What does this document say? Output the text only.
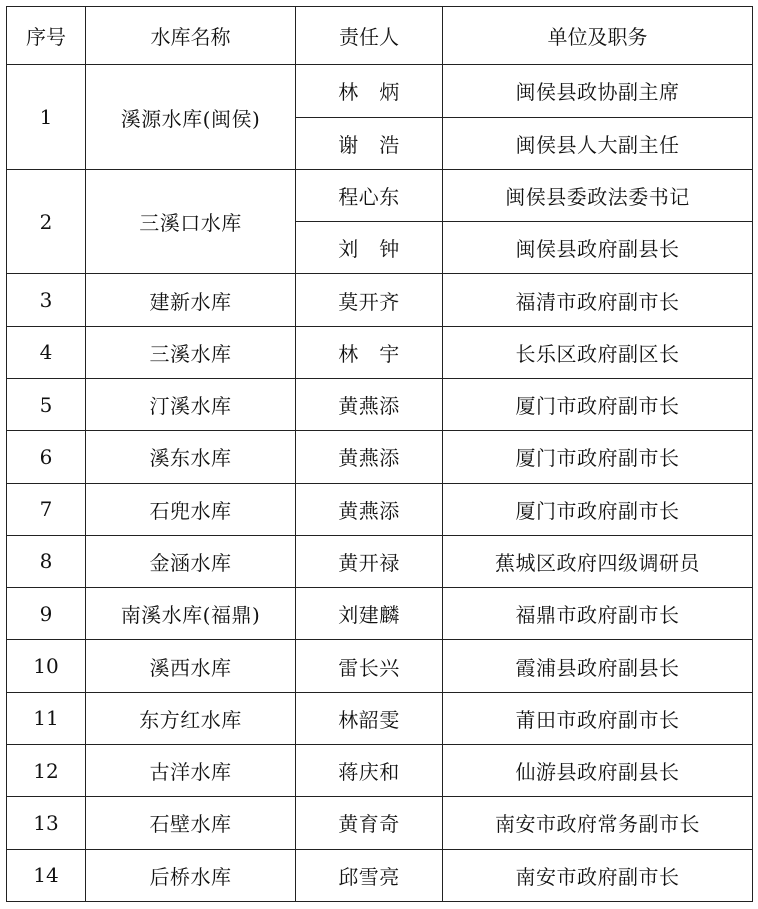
序号	水库名称	责任人	单位及职务
1	溪源水库(闽侯)	林　炳	闽侯县政协副主席
		谢　浩	闽侯县人大副主任
2	三溪口水库	程心东	闽侯县委政法委书记
		刘　钟	闽侯县政府副县长
3	建新水库	莫开齐	福清市政府副市长
4	三溪水库	林　宇	长乐区政府副区长
5	汀溪水库	黄燕添	厦门市政府副市长
6	溪东水库	黄燕添	厦门市政府副市长
7	石兜水库	黄燕添	厦门市政府副市长
8	金涵水库	黄开禄	蕉城区政府四级调研员
9	南溪水库(福鼎)	刘建麟	福鼎市政府副市长
10	溪西水库	雷长兴	霞浦县政府副县长
11	东方红水库	林韶雯	莆田市政府副市长
12	古洋水库	蒋庆和	仙游县政府副县长
13	石壁水库	黄育奇	南安市政府常务副市长
14	后桥水库	邱雪亮	南安市政府副市长
